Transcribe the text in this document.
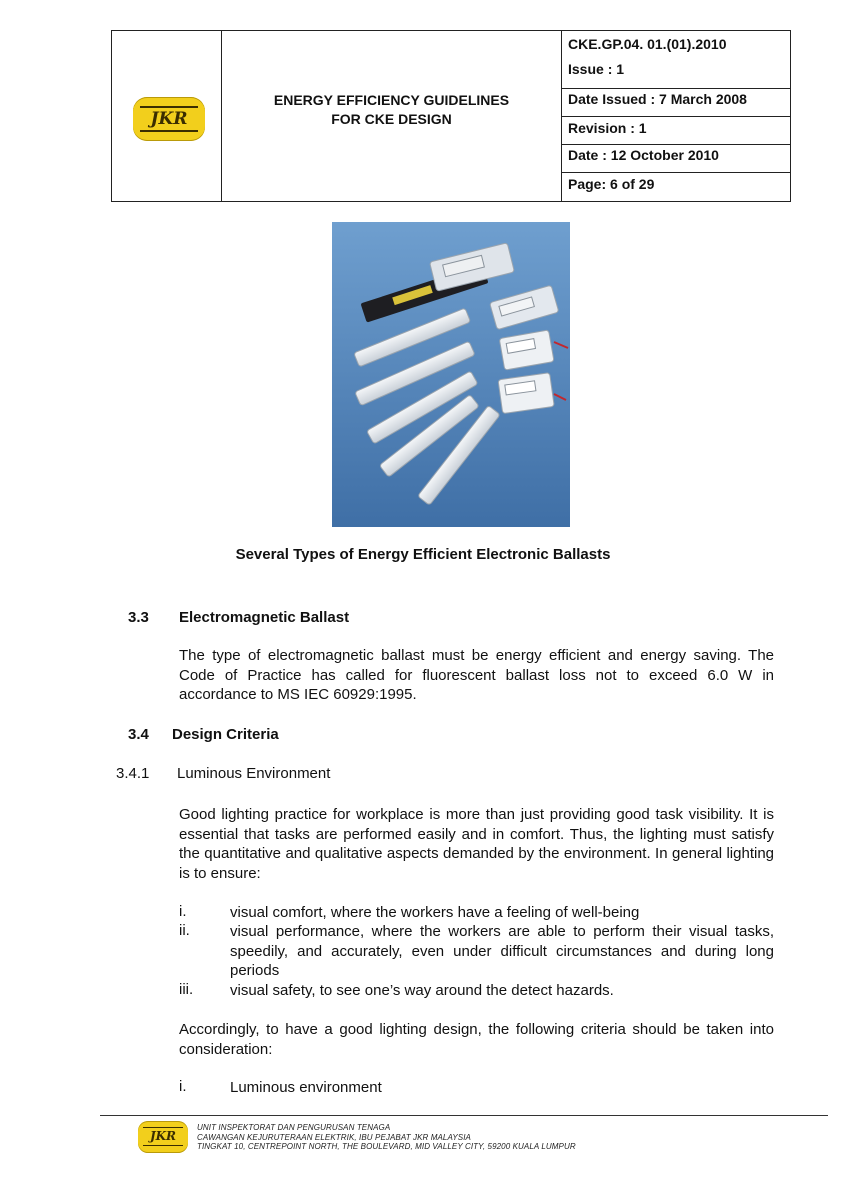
JKR
ENERGY EFFICIENCY GUIDELINES
FOR CKE DESIGN
CKE.GP.04. 01.(01).2010
Issue : 1
Date Issued : 7 March 2008
Revision : 1
Date : 12 October 2010
Page: 6 of 29
Several Types of Energy Efficient Electronic Ballasts
3.3 Electromagnetic Ballast

The type of electromagnetic ballast must be energy efficient and energy saving. The Code of Practice has called for fluorescent ballast loss not to exceed 6.0 W in accordance to MS IEC 60929:1995.

3.4 Design Criteria
3.4.1 Luminous Environment

Good lighting practice for workplace is more than just providing good task visibility. It is essential that tasks are performed easily and in comfort. Thus, the lighting must satisfy the quantitative and qualitative aspects demanded by the environment. In general lighting is to ensure:

i.	visual comfort, where the workers have a feeling of well-being

ii.	visual performance, where the workers are able to perform their visual tasks, speedily, and accurately, even under difficult circumstances and during long periods

iii. visual safety, to see one’s way around the detect hazards.

Accordingly, to have a good lighting design, the following criteria should be taken into consideration:

i.	Luminous environment

JKR
UNIT INSPEKTORAT DAN PENGURUSAN TENAGA
CAWANGAN KEJURUTERAAN ELEKTRIK, IBU PEJABAT JKR MALAYSIA
TINGKAT 10, CENTREPOINT NORTH, THE BOULEVARD, MID VALLEY CITY, 59200 KUALA LUMPUR
